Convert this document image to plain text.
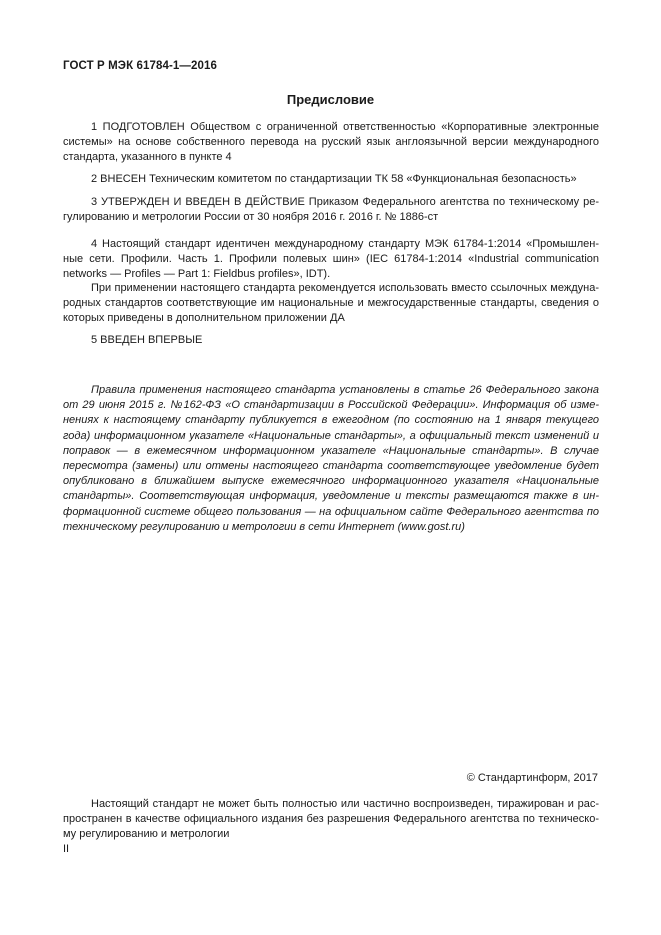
ГОСТ Р МЭК 61784-1—2016
Предисловие

1 ПОДГОТОВЛЕН Обществом с ограниченной ответственностью «Корпоративные электронные системы» на основе собственного перевода на русский язык англоязычной версии международного стандарта, указанного в пункте 4

2 ВНЕСЕН Техническим комитетом по стандартизации ТК 58 «Функциональная безопасность»

3 УТВЕРЖДЕН И ВВЕДЕН В ДЕЙСТВИЕ Приказом Федерального агентства по техническому регулированию и метрологии России от 30 ноября 2016 г. 2016 г. № 1886-ст

4 Настоящий стандарт идентичен международному стандарту МЭК 61784-1:2014 «Промышленные сети. Профили. Часть 1. Профили полевых шин» (IEC 61784-1:2014 «Industrial communication networks — Profiles — Part 1: Fieldbus profiles», IDT).

При применении настоящего стандарта рекомендуется использовать вместо ссылочных международных стандартов соответствующие им национальные и межгосударственные стандарты, сведения о которых приведены в дополнительном приложении ДА

5 ВВЕДЕН ВПЕРВЫЕ

Правила применения настоящего стандарта установлены в статье 26 Федерального закона от 29 июня 2015 г. №162-ФЗ «О стандартизации в Российской Федерации». Информация об изменениях к настоящему стандарту публикуется в ежегодном (по состоянию на 1 января текущего года) информационном указателе «Национальные стандарты», а официальный текст изменений и поправок — в ежемесячном информационном указателе «Национальные стандарты». В случае пересмотра (замены) или отмены настоящего стандарта соответствующее уведомление будет опубликовано в ближайшем выпуске ежемесячного информационного указателя «Национальные стандарты». Соответствующая информация, уведомление и тексты размещаются также в информационной системе общего пользования — на официальном сайте Федерального агентства по техническому регулированию и метрологии в сети Интернет (www.gost.ru)

© Стандартинформ, 2017

Настоящий стандарт не может быть полностью или частично воспроизведен, тиражирован и распространен в качестве официального издания без разрешения Федерального агентства по техническому регулированию и метрологии

II
